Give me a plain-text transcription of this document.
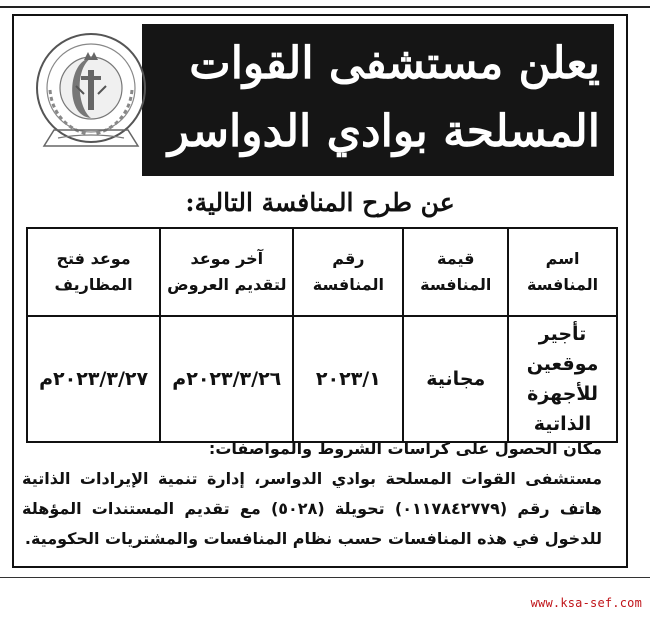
يعلن مستشفى القوات
المسلحة بوادي الدواسر
عن طرح المنافسة التالية:
اسم المنافسة	قيمة المنافسة	رقم المنافسة	آخر موعد لتقديم العروض	موعد فتح المظاريف
تأجير موقعين للأجهزة الذاتية	مجانية	٢٠٢٣/١	٢٠٢٣/٣/٢٦م	٢٠٢٣/٣/٢٧م

مكان الحصول على كراسات الشروط والمواصفات:

مستشفى القوات المسلحة بوادي الدواسر، إدارة تنمية الإيرادات الذاتية هاتف رقم (٠١١٧٨٤٢٧٧٩) تحويلة (٥٠٢٨) مع تقديم المستندات المؤهلة للدخول في هذه المنافسات حسب نظام المنافسات والمشتريات الحكومية.

www.ksa-sef.com
